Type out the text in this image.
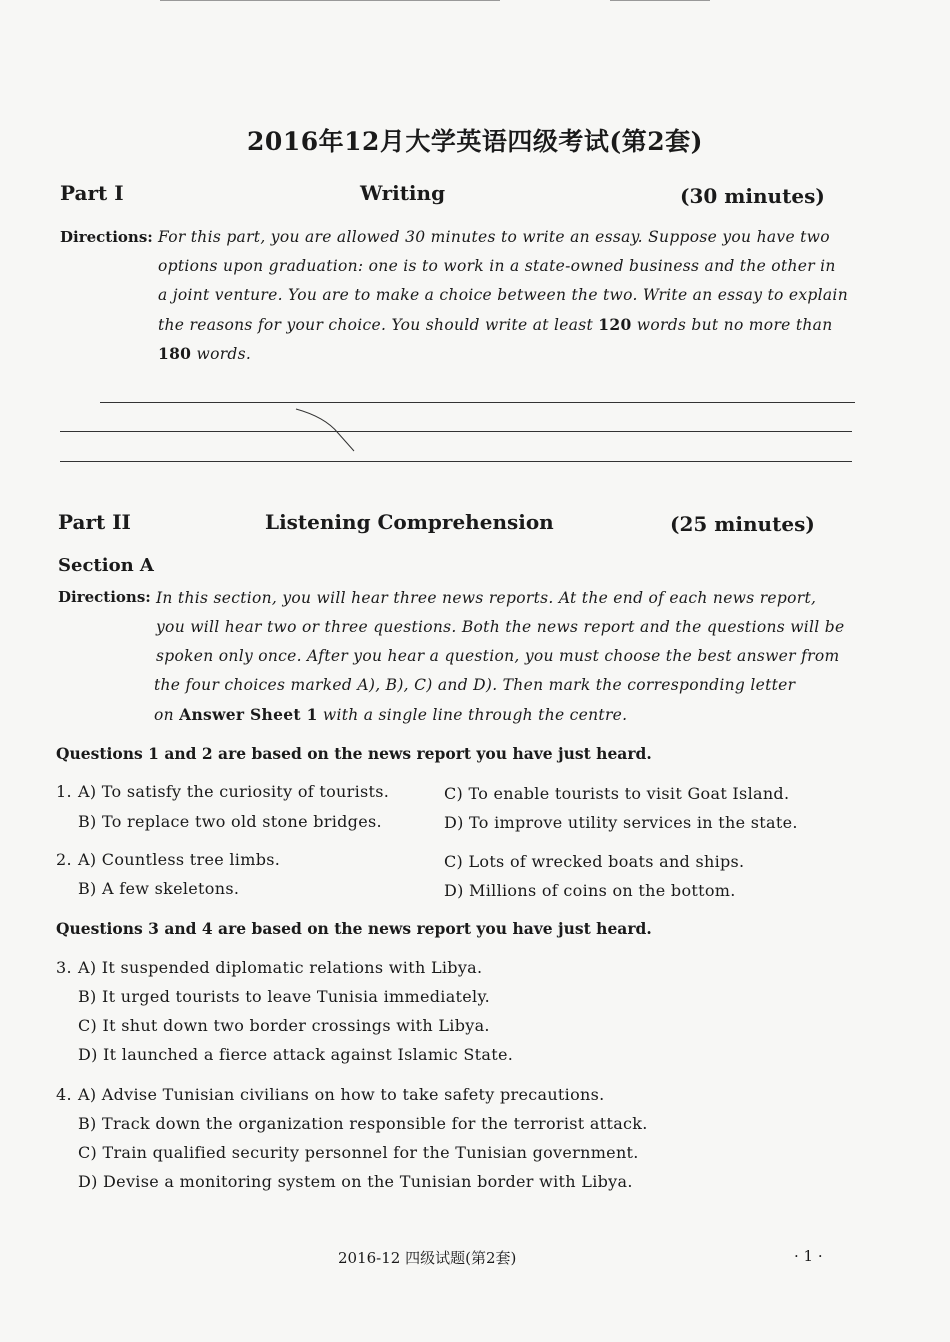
2016年12月大学英语四级考试(第2套)
Part I	Writing	(30 minutes)
Directions: For this part, you are allowed 30 minutes to write an essay. Suppose you have two
options upon graduation: one is to work in a state-owned business and the other in
a joint venture. You are to make a choice between the two. Write an essay to explain
the reasons for your choice. You should write at least 120 words but no more than
180 words.
Part II	Listening Comprehension	(25 minutes)
Section A
Directions: In this section, you will hear three news reports. At the end of each news report,
you will hear two or three questions. Both the news report and the questions will be
spoken only once. After you hear a question, you must choose the best answer from
the four choices marked A), B), C) and D). Then mark the corresponding letter
on Answer Sheet 1 with a single line through the centre.
Questions 1 and 2 are based on the news report you have just heard.
1. A) To satisfy the curiosity of tourists.	C) To enable tourists to visit Goat Island.
B) To replace two old stone bridges.	D) To improve utility services in the state.
2. A) Countless tree limbs.	C) Lots of wrecked boats and ships.
B) A few skeletons.	D) Millions of coins on the bottom.
Questions 3 and 4 are based on the news report you have just heard.
3. A) It suspended diplomatic relations with Libya.
B) It urged tourists to leave Tunisia immediately.
C) It shut down two border crossings with Libya.
D) It launched a fierce attack against Islamic State.
4. A) Advise Tunisian civilians on how to take safety precautions.
B) Track down the organization responsible for the terrorist attack.
C) Train qualified security personnel for the Tunisian government.
D) Devise a monitoring system on the Tunisian border with Libya.
2016-12 四级试题(第2套)	· 1 ·
